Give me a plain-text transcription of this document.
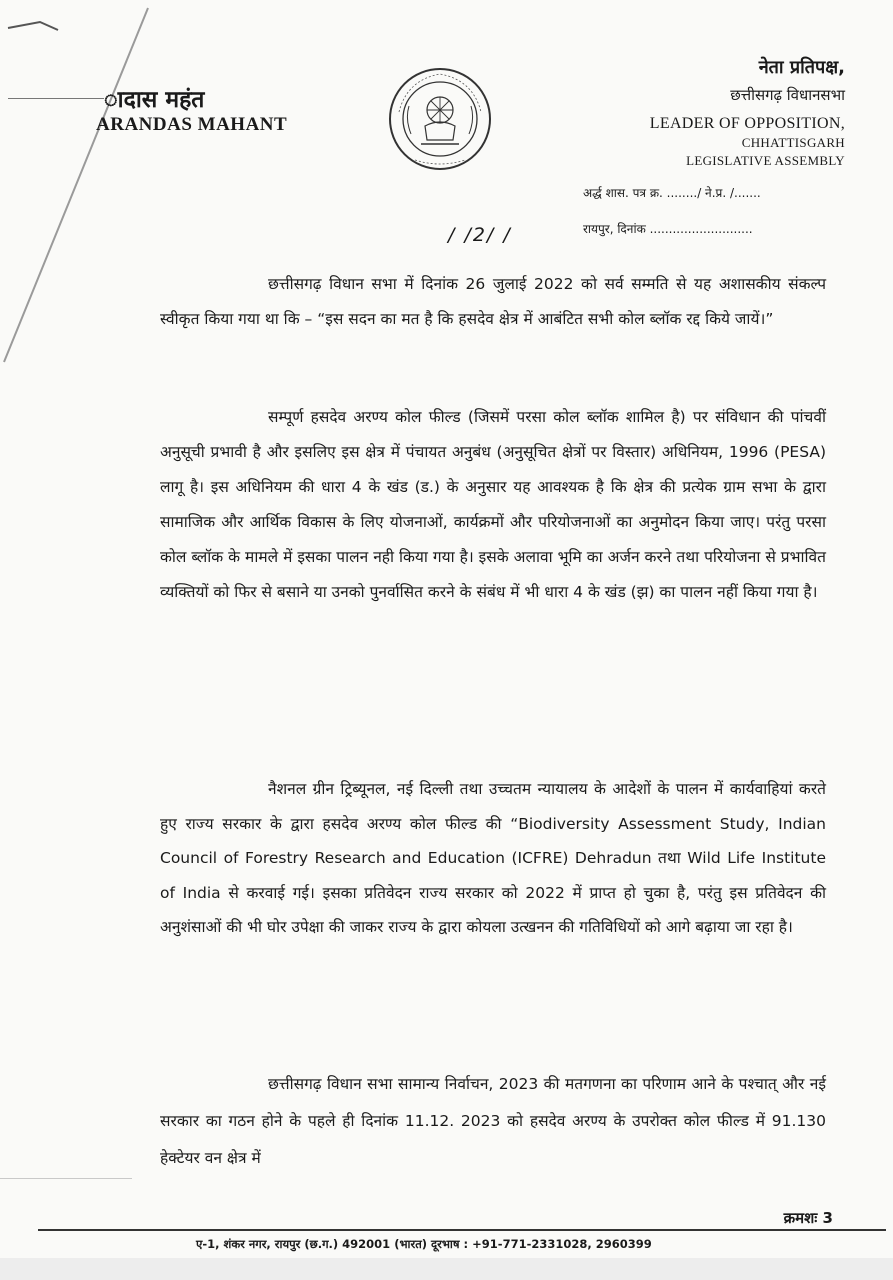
ादास महंत
ARANDAS MAHANT
नेता प्रतिपक्ष,
छत्तीसगढ़ विधानसभा
LEADER OF OPPOSITION,
CHHATTISGARH
LEGISLATIVE ASSEMBLY
अर्द्ध शास. पत्र क्र. ......../ ने.प्र. /.......
रायपुर, दिनांक ...........................
/ /2/ /

छत्तीसगढ़ विधान सभा में दिनांक 26 जुलाई 2022 को सर्व सम्मति से यह अशासकीय संकल्प स्वीकृत किया गया था कि – “इस सदन का मत है कि हसदेव क्षेत्र में आबंटित सभी कोल ब्लॉक रद्द किये जायें।”

सम्पूर्ण हसदेव अरण्य कोल फील्ड (जिसमें परसा कोल ब्लॉक शामिल है) पर संविधान की पांचवीं अनुसूची प्रभावी है और इसलिए इस क्षेत्र में पंचायत अनुबंध (अनुसूचित क्षेत्रों पर विस्तार) अधिनियम, 1996 (PESA) लागू है। इस अधिनियम की धारा 4 के खंड (ड.) के अनुसार यह आवश्यक है कि क्षेत्र की प्रत्येक ग्राम सभा के द्वारा सामाजिक और आर्थिक विकास के लिए योजनाओं, कार्यक्रमों और परियोजनाओं का अनुमोदन किया जाए। परंतु परसा कोल ब्लॉक के मामले में इसका पालन नही किया गया है। इसके अलावा भूमि का अर्जन करने तथा परियोजना से प्रभावित व्यक्तियों को फिर से बसाने या उनको पुनर्वासित करने के संबंध में भी धारा 4 के खंड (झ) का पालन नहीं किया गया है।

नैशनल ग्रीन ट्रिब्यूनल, नई दिल्ली तथा उच्चतम न्यायालय के आदेशों के पालन में कार्यवाहियां करते हुए राज्य सरकार के द्वारा हसदेव अरण्य कोल फील्ड की “Biodiversity Assessment Study, Indian Council of Forestry Research and Education (ICFRE) Dehradun तथा Wild Life Institute of India से करवाई गई। इसका प्रतिवेदन राज्य सरकार को 2022 में प्राप्त हो चुका है, परंतु इस प्रतिवेदन की अनुशंसाओं की भी घोर उपेक्षा की जाकर राज्य के द्वारा कोयला उत्खनन की गतिविधियों को आगे बढ़ाया जा रहा है।

छत्तीसगढ़ विधान सभा सामान्य निर्वाचन, 2023 की मतगणना का परिणाम आने के पश्चात् और नई सरकार का गठन होने के पहले ही दिनांक 11.12. 2023 को हसदेव अरण्य के उपरोक्त कोल फील्ड में 91.130 हेक्टेयर वन क्षेत्र में

क्रमशः 3
ए-1, शंकर नगर, रायपुर (छ.ग.) 492001 (भारत) दूरभाष : +91-771-2331028, 2960399
